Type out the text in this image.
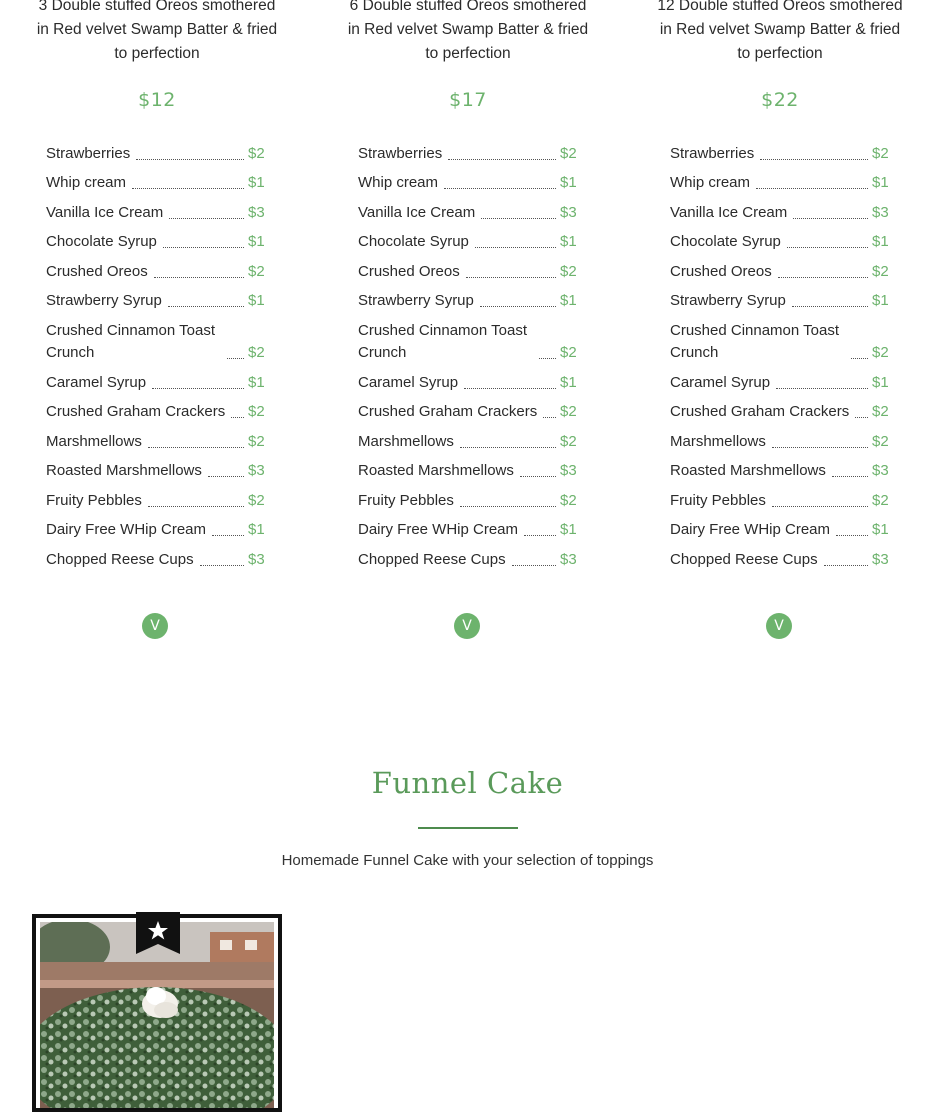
3 Double stuffed Oreos smothered in Red velvet Swamp Batter & fried to perfection
$12
Strawberries	$2
Whip cream	$1
Vanilla Ice Cream	$3
Chocolate Syrup	$1
Crushed Oreos	$2
Strawberry Syrup	$1
Crushed Cinnamon Toast Crunch	$2
Caramel Syrup	$1
Crushed Graham Crackers $2
Marshmellows	$2
Roasted Marshmellows	$3
Fruity Pebbles	$2
Dairy Free WHip Cream	$1
Chopped Reese Cups	$3
V
6 Double stuffed Oreos smothered in Red velvet Swamp Batter & fried to perfection
$17
Strawberries	$2
Whip cream	$1
Vanilla Ice Cream	$3
Chocolate Syrup	$1
Crushed Oreos	$2
Strawberry Syrup	$1
Crushed Cinnamon Toast Crunch	$2
Caramel Syrup	$1
Crushed Graham Crackers $2
Marshmellows	$2
Roasted Marshmellows	$3
Fruity Pebbles	$2
Dairy Free WHip Cream	$1
Chopped Reese Cups	$3
V
12 Double stuffed Oreos smothered in Red velvet Swamp Batter & fried to perfection
$22
Strawberries	$2
Whip cream	$1
Vanilla Ice Cream	$3
Chocolate Syrup	$1
Crushed Oreos	$2
Strawberry Syrup	$1
Crushed Cinnamon Toast Crunch	$2
Caramel Syrup	$1
Crushed Graham Crackers $2
Marshmellows	$2
Roasted Marshmellows	$3
Fruity Pebbles	$2
Dairy Free WHip Cream	$1
Chopped Reese Cups	$3
V
Funnel Cake
Homemade Funnel Cake with your selection of toppings
